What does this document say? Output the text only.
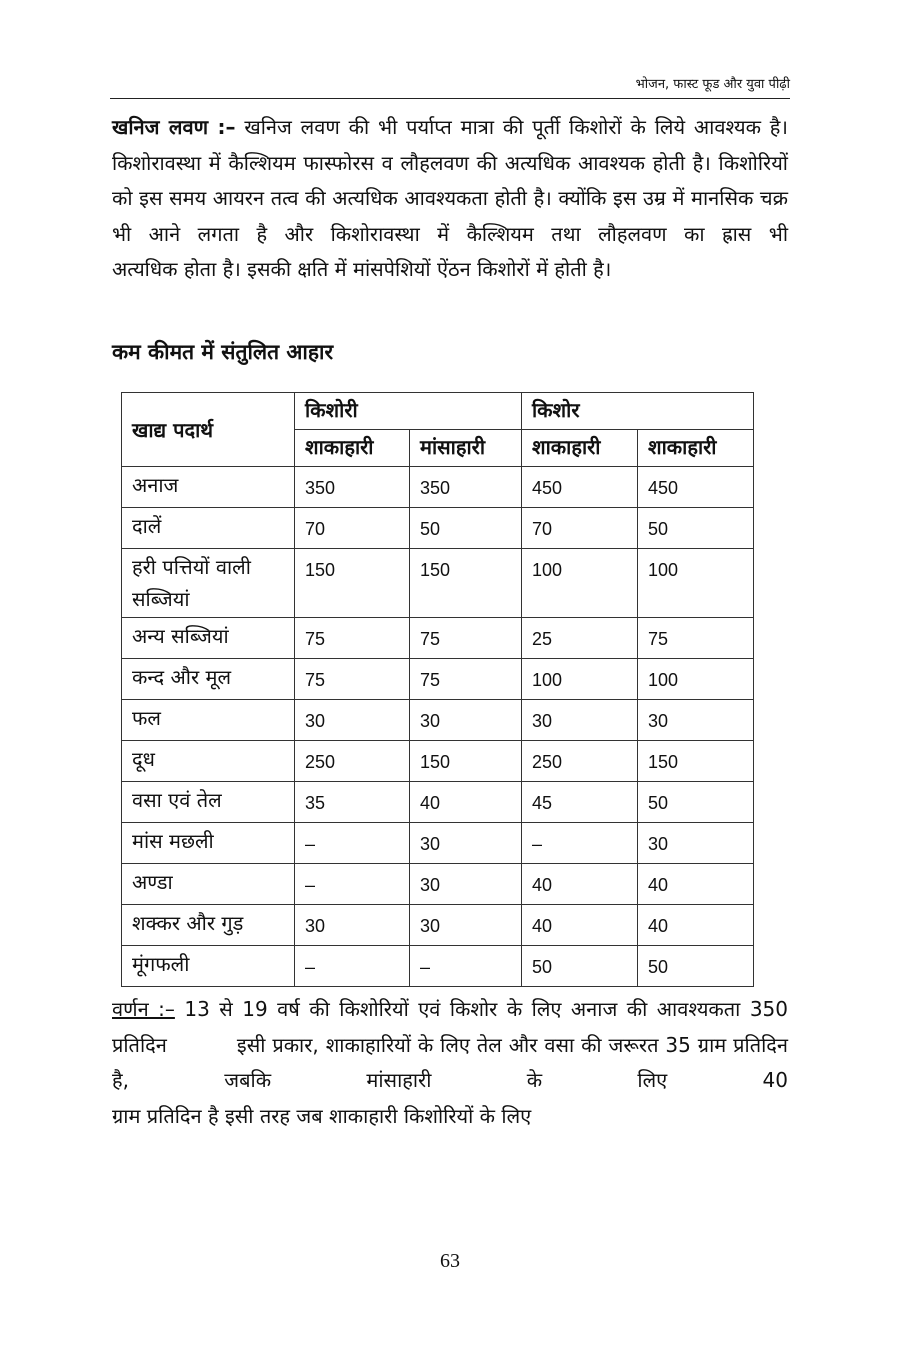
भोजन, फास्ट फूड और युवा पीढ़ी
खनिज लवण :– खनिज लवण की भी पर्याप्त मात्रा की पूर्ती किशोरों के लिये आवश्यक है। किशोरावस्था में कैल्शियम फास्फोरस व लौहलवण की अत्यधिक आवश्यक होती है। किशोरियों को इस समय आयरन तत्व की अत्यधिक आवश्यकता होती है। क्योंकि इस उम्र में मानसिक चक्र भी आने लगता है और किशोरावस्था में कैल्शियम तथा लौहलवण का ह्रास भी
अत्यधिक होता है। इसकी क्षति में मांसपेशियों ऐंठन किशोरों में होती है।
कम कीमत में संतुलित आहार
खाद्य पदार्थ	किशोरी		किशोर	
	शाकाहारी	मांसाहारी	शाकाहारी	शाकाहारी
अनाज	350	350	450	450
दालें	70	50	70	50
हरी पत्तियों वाली सब्जियां	150	150	100	100
अन्य सब्जियां	75	75	25	75
कन्द और मूल	75	75	100	100
फल	30	30	30	30
दूध	250	150	250	150
वसा एवं तेल	35	40	45	50
मांस मछली	–	30	–	30
अण्डा	–	30	40	40
शक्कर और गुड़	30	30	40	40
मूंगफली	–	–	50	50
वर्णन :– 13 से 19 वर्ष की किशोरियों एवं किशोर के लिए अनाज की आवश्यकता 350 प्रतिदिन	इसी प्रकार, शाकाहारियों के लिए तेल और वसा की जरूरत 35 ग्राम प्रतिदिन है, जबकि मांसाहारी के लिए 40
ग्राम प्रतिदिन है इसी तरह जब शाकाहारी किशोरियों के लिए
63
